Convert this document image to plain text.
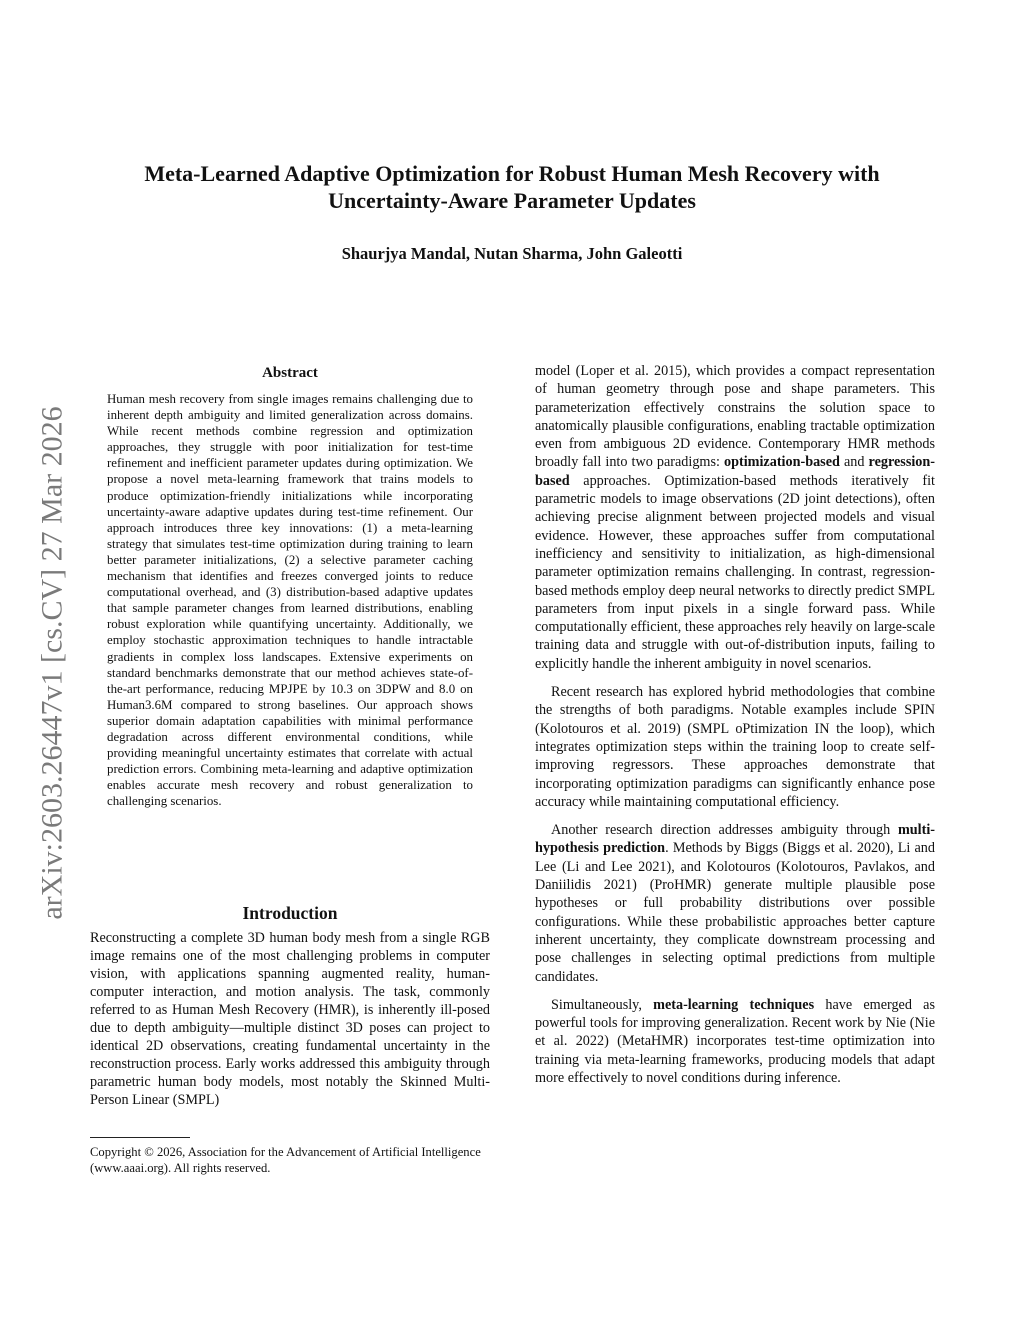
Meta-Learned Adaptive Optimization for Robust Human Mesh Recovery with Uncertainty-Aware Parameter Updates

Shaurjya Mandal, Nutan Sharma, John Galeotti

arXiv:2603.26447v1 [cs.CV] 27 Mar 2026
Abstract

Human mesh recovery from single images remains challenging due to inherent depth ambiguity and limited generalization across domains. While recent methods combine regression and optimization approaches, they struggle with poor initialization for test-time refinement and inefficient parameter updates during optimization. We propose a novel meta-learning framework that trains models to produce optimization-friendly initializations while incorporating uncertainty-aware adaptive updates during test-time refinement. Our approach introduces three key innovations: (1) a meta-learning strategy that simulates test-time optimization during training to learn better parameter initializations, (2) a selective parameter caching mechanism that identifies and freezes converged joints to reduce computational overhead, and (3) distribution-based adaptive updates that sample parameter changes from learned distributions, enabling robust exploration while quantifying uncertainty. Additionally, we employ stochastic approximation techniques to handle intractable gradients in complex loss landscapes. Extensive experiments on standard benchmarks demonstrate that our method achieves state-of-the-art performance, reducing MPJPE by 10.3 on 3DPW and 8.0 on Human3.6M compared to strong baselines. Our approach shows superior domain adaptation capabilities with minimal performance degradation across different environmental conditions, while providing meaningful uncertainty estimates that correlate with actual prediction errors. Combining meta-learning and adaptive optimization enables accurate mesh recovery and robust generalization to challenging scenarios.

Introduction

Reconstructing a complete 3D human body mesh from a single RGB image remains one of the most challenging problems in computer vision, with applications spanning augmented reality, human-computer interaction, and motion analysis. The task, commonly referred to as Human Mesh Recovery (HMR), is inherently ill-posed due to depth ambiguity—multiple distinct 3D poses can project to identical 2D observations, creating fundamental uncertainty in the reconstruction process. Early works addressed this ambiguity through parametric human body models, most notably the Skinned Multi-Person Linear (SMPL)

Copyright © 2026, Association for the Advancement of Artificial Intelligence (www.aaai.org). All rights reserved.

model (Loper et al. 2015), which provides a compact representation of human geometry through pose and shape parameters. This parameterization effectively constrains the solution space to anatomically plausible configurations, enabling tractable optimization even from ambiguous 2D evidence. Contemporary HMR methods broadly fall into two paradigms: optimization-based and regression-based approaches. Optimization-based methods iteratively fit parametric models to image observations (2D joint detections), often achieving precise alignment between projected models and visual evidence. However, these approaches suffer from computational inefficiency and sensitivity to initialization, as high-dimensional parameter optimization remains challenging. In contrast, regression-based methods employ deep neural networks to directly predict SMPL parameters from input pixels in a single forward pass. While computationally efficient, these approaches rely heavily on large-scale training data and struggle with out-of-distribution inputs, failing to explicitly handle the inherent ambiguity in novel scenarios.

Recent research has explored hybrid methodologies that combine the strengths of both paradigms. Notable examples include SPIN (Kolotouros et al. 2019) (SMPL oPtimization IN the loop), which integrates optimization steps within the training loop to create self-improving regressors. These approaches demonstrate that incorporating optimization paradigms can significantly enhance pose accuracy while maintaining computational efficiency.

Another research direction addresses ambiguity through multi-hypothesis prediction. Methods by Biggs (Biggs et al. 2020), Li and Lee (Li and Lee 2021), and Kolotouros (Kolotouros, Pavlakos, and Daniilidis 2021) (ProHMR) generate multiple plausible pose hypotheses or full probability distributions over possible configurations. While these probabilistic approaches better capture inherent uncertainty, they complicate downstream processing and pose challenges in selecting optimal predictions from multiple candidates.

Simultaneously, meta-learning techniques have emerged as powerful tools for improving generalization. Recent work by Nie (Nie et al. 2022) (MetaHMR) incorporates test-time optimization into training via meta-learning frameworks, producing models that adapt more effectively to novel conditions during inference.
